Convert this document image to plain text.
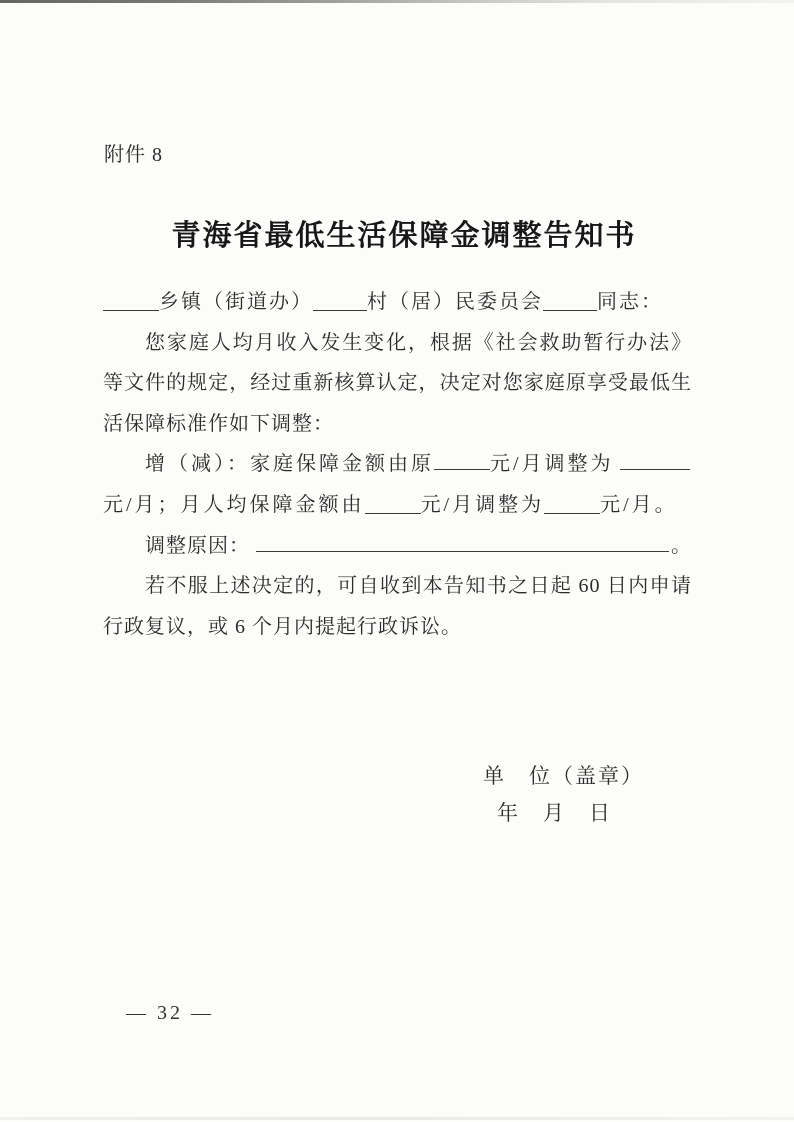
附件 8
青海省最低生活保障金调整告知书
乡镇（街道办）	村（居）民委员会	同志：
您家庭人均月收入发生变化，根据《社会救助暂行办法》
等文件的规定，经过重新核算认定，决定对您家庭原享受最低生
活保障标准作如下调整：
增（减）：家庭保障金额由原	元/月调整为
元/月；月人均保障金额由	元/月调整为	元/月。
调整原因：	。
若不服上述决定的，可自收到本告知书之日起 60 日内申请
行政复议，或 6 个月内提起行政诉讼。
单　位（盖章）
年　月　日
— 32 —
